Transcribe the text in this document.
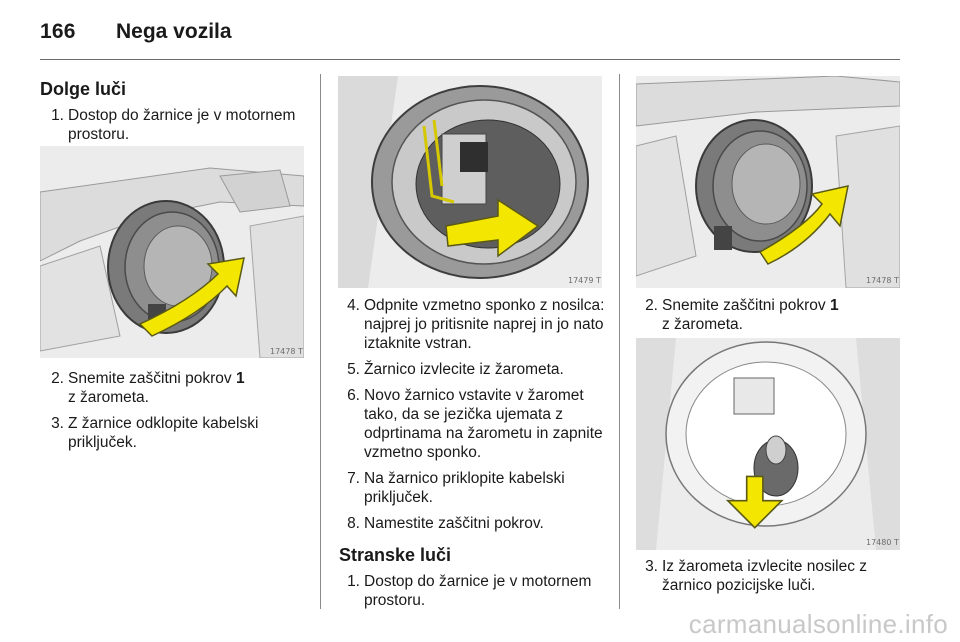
166 Nega vozila
Dolge luči
1. Dostop do žarnice je v motornem prostoru.
17478 T
2. Snemite zaščitni pokrov 1
z žarometa.
3. Z žarnice odklopite kabelski priključek.
17479 T
4. Odpnite vzmetno sponko z nosilca: najprej jo pritisnite naprej in jo nato iztaknite vstran.
5. Žarnico izvlecite iz žarometa.
6. Novo žarnico vstavite v žaromet tako, da se jezička ujemata z odprtinama na žarometu in zapnite vzmetno sponko.
7. Na žarnico priklopite kabelski priključek.
8. Namestite zaščitni pokrov.
Stranske luči
1. Dostop do žarnice je v motornem prostoru.
17478 T
2. Snemite zaščitni pokrov 1
z žarometa.
17480 T
3. Iz žarometa izvlecite nosilec z žarnico pozicijske luči.
carmanualsonline.info
